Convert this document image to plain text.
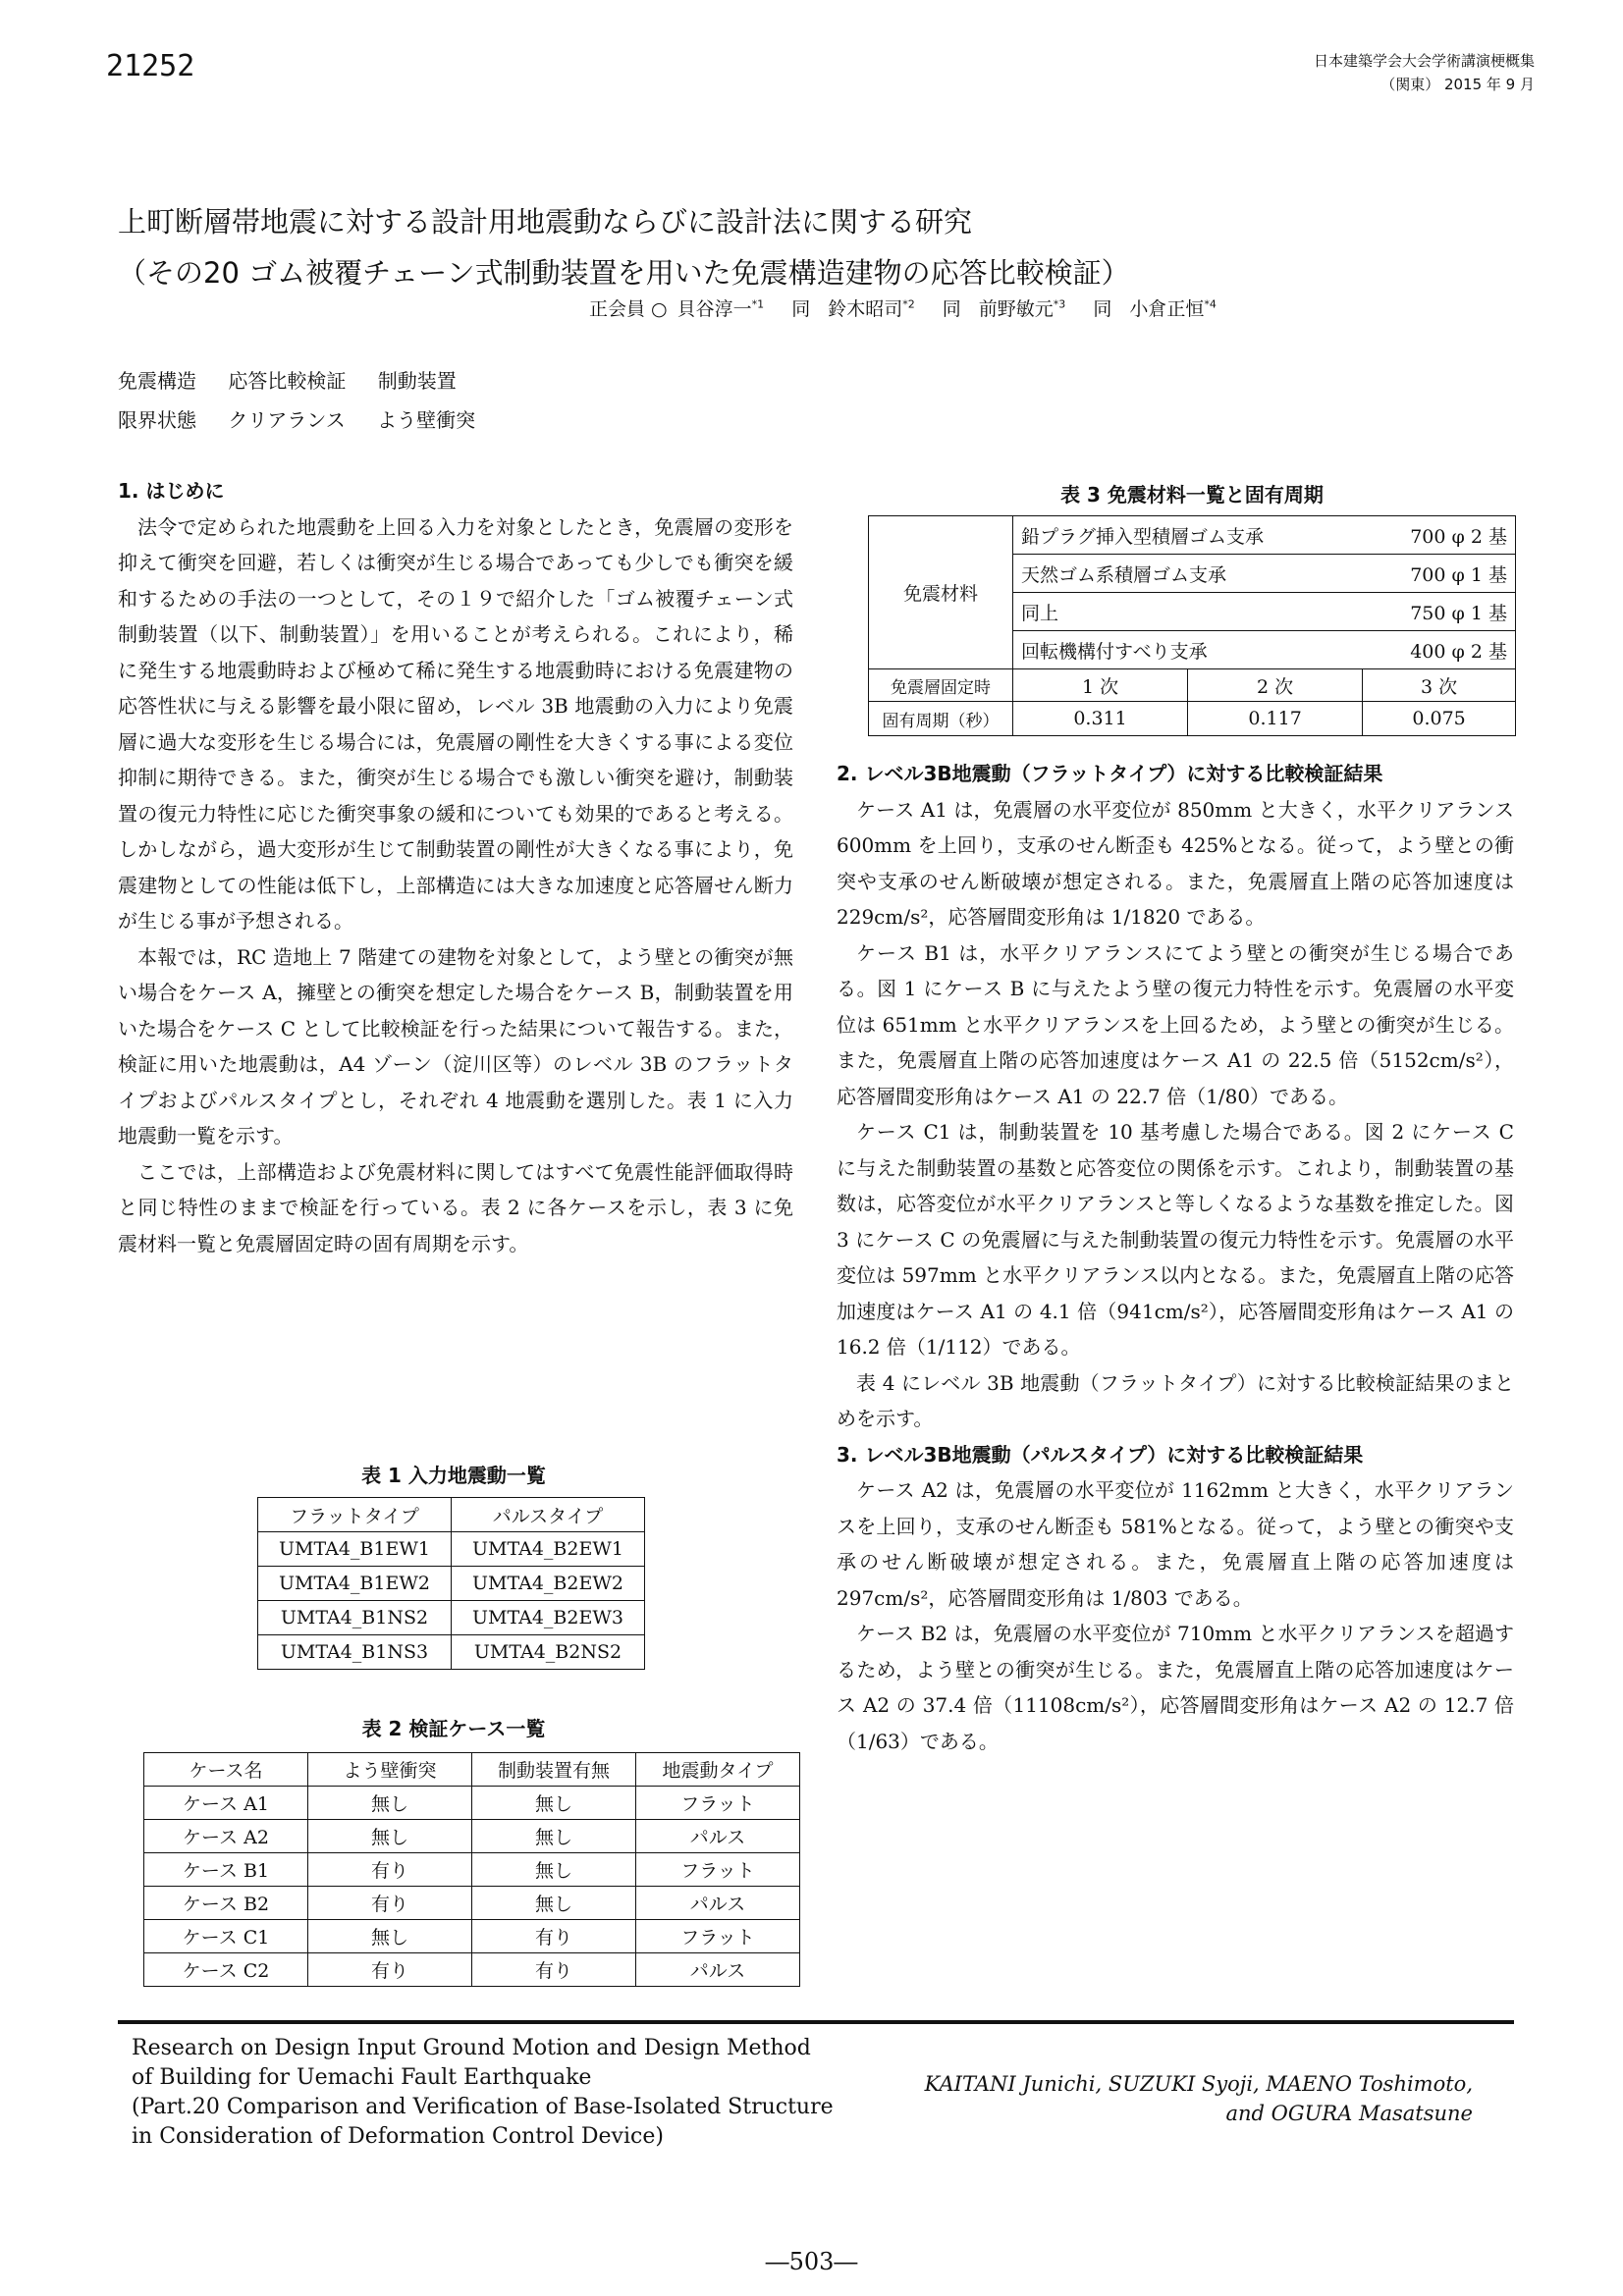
21252	日本建築学会大会学術講演梗概集
（関東） 2015 年 9 月
上町断層帯地震に対する設計用地震動ならびに設計法に関する研究
（その20 ゴム被覆チェーン式制動装置を用いた免震構造建物の応答比較検証）
正会員 ○ 貝谷淳一$^{*1}$ 同 鈴木昭司$^{*2}$ 同 前野敏元$^{*3}$ 同 小倉正恒$^{*4}$
免震構造 応答比較検証 制動装置
限界状態 クリアランス よう壁衝突
1. はじめに

法令で定められた地震動を上回る入力を対象としたとき，免震層の変形を抑えて衝突を回避，若しくは衝突が生じる場合であっても少しでも衝突を緩和するための手法の一つとして，その１９で紹介した「ゴム被覆チェーン式制動装置（以下、制動装置）」を用いることが考えられる。これにより，稀に発生する地震動時および極めて稀に発生する地震動時における免震建物の応答性状に与える影響を最小限に留め，レベル 3B 地震動の入力により免震層に過大な変形を生じる場合には，免震層の剛性を大きくする事による変位抑制に期待できる。また，衝突が生じる場合でも激しい衝突を避け，制動装置の復元力特性に応じた衝突事象の緩和についても効果的であると考える。しかしながら，過大変形が生じて制動装置の剛性が大きくなる事により，免震建物としての性能は低下し，上部構造には大きな加速度と応答層せん断力が生じる事が予想される。

本報では，RC 造地上 7 階建ての建物を対象として，よう壁との衝突が無い場合をケース A，擁壁との衝突を想定した場合をケース B，制動装置を用いた場合をケース C として比較検証を行った結果について報告する。また，検証に用いた地震動は，A4 ゾーン（淀川区等）のレベル 3B のフラットタイプおよびパルスタイプとし，それぞれ 4 地震動を選別した。表 1 に入力地震動一覧を示す。

ここでは，上部構造および免震材料に関してはすべて免震性能評価取得時と同じ特性のままで検証を行っている。表 2 に各ケースを示し，表 3 に免震材料一覧と免震層固定時の固有周期を示す。

表 1 入力地震動一覧
フラットタイプ	パルスタイプ
UMTA4_B1EW1	UMTA4_B2EW1
UMTA4_B1EW2	UMTA4_B2EW2
UMTA4_B1NS2	UMTA4_B2EW3
UMTA4_B1NS3	UMTA4_B2NS2
表 2 検証ケース一覧
ケース名	よう壁衝突	制動装置有無	地震動タイプ
ケース A1	無し	無し	フラット
ケース A2	無し	無し	パルス
ケース B1	有り	無し	フラット
ケース B2	有り	無し	パルス
ケース C1	無し	有り	フラット
ケース C2	有り	有り	パルス
表 3 免震材料一覧と固有周期
免震材料	鉛プラグ挿入型積層ゴム支承		700 φ 2 基
	天然ゴム系積層ゴム支承		700 φ 1 基
	同上		750 φ 1 基
	回転機構付すべり支承		400 φ 2 基
免震層固定時	1 次	2 次	3 次
固有周期（秒）	0.311	0.117	0.075
2. レベル3B地震動（フラットタイプ）に対する比較検証結果

ケース A1 は，免震層の水平変位が 850mm と大きく，水平クリアランス 600mm を上回り，支承のせん断歪も 425%となる。従って，よう壁との衝突や支承のせん断破壊が想定される。また，免震層直上階の応答加速度は 229cm/s²，応答層間変形角は 1/1820 である。

ケース B1 は，水平クリアランスにてよう壁との衝突が生じる場合である。図 1 にケース B に与えたよう壁の復元力特性を示す。免震層の水平変位は 651mm と水平クリアランスを上回るため，よう壁との衝突が生じる。また，免震層直上階の応答加速度はケース A1 の 22.5 倍（5152cm/s²），応答層間変形角はケース A1 の 22.7 倍（1/80）である。

ケース C1 は，制動装置を 10 基考慮した場合である。図 2 にケース C に与えた制動装置の基数と応答変位の関係を示す。これより，制動装置の基数は，応答変位が水平クリアランスと等しくなるような基数を推定した。図 3 にケース C の免震層に与えた制動装置の復元力特性を示す。免震層の水平変位は 597mm と水平クリアランス以内となる。また，免震層直上階の応答加速度はケース A1 の 4.1 倍（941cm/s²），応答層間変形角はケース A1 の 16.2 倍（1/112）である。

表 4 にレベル 3B 地震動（フラットタイプ）に対する比較検証結果のまとめを示す。

3. レベル3B地震動（パルスタイプ）に対する比較検証結果

ケース A2 は，免震層の水平変位が 1162mm と大きく，水平クリアランスを上回り，支承のせん断歪も 581%となる。従って，よう壁との衝突や支承のせん断破壊が想定される。また，免震層直上階の応答加速度は 297cm/s²，応答層間変形角は 1/803 である。

ケース B2 は，免震層の水平変位が 710mm と水平クリアランスを超過するため，よう壁との衝突が生じる。また，免震層直上階の応答加速度はケース A2 の 37.4 倍（11108cm/s²），応答層間変形角はケース A2 の 12.7 倍（1/63）である。

Research on Design Input Ground Motion and Design Method
of Building for Uemachi Fault Earthquake
(Part.20 Comparison and Verification of Base-Isolated Structure
in Consideration of Deformation Control Device)
KAITANI Junichi, SUZUKI Syoji, MAENO Toshimoto,
and OGURA Masatsune
―503―
